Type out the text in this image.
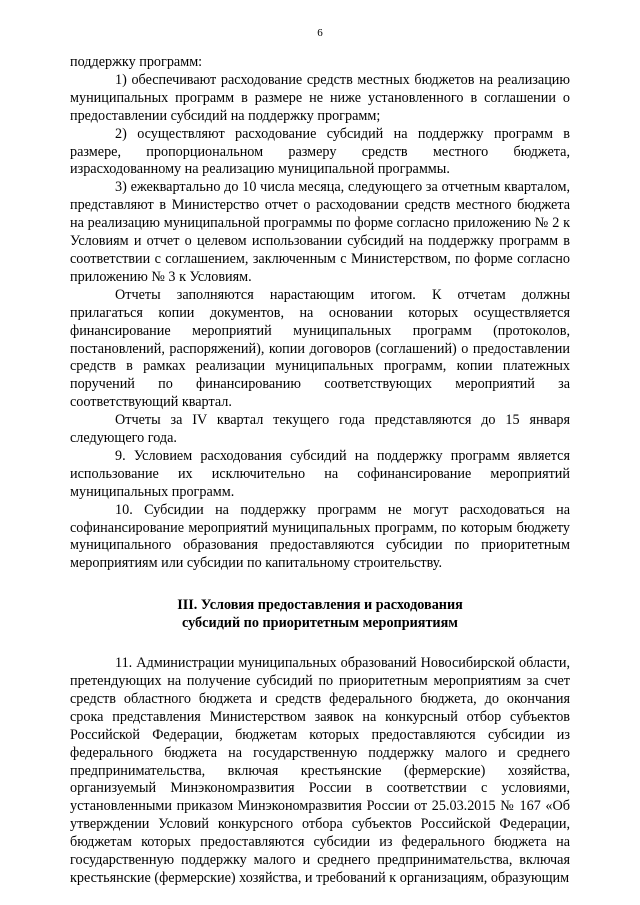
6

поддержку программ:

1) обеспечивают расходование средств местных бюджетов на реализацию муниципальных программ в размере не ниже установленного в соглашении о предоставлении субсидий на поддержку программ;

2) осуществляют расходование субсидий на поддержку программ в размере, пропорциональном размеру средств местного бюджета, израсходованному на реализацию муниципальной программы.

3) ежеквартально до 10 числа месяца, следующего за отчетным кварталом, представляют в Министерство отчет о расходовании средств местного бюджета на реализацию муниципальной программы по форме согласно приложению № 2 к Условиям и отчет о целевом использовании субсидий на поддержку программ в соответствии с соглашением, заключенным с Министерством, по форме согласно приложению № 3 к Условиям.

Отчеты заполняются нарастающим итогом. К отчетам должны прилагаться копии документов, на основании которых осуществляется финансирование мероприятий муниципальных программ (протоколов, постановлений, распоряжений), копии договоров (соглашений) о предоставлении средств в рамках реализации муниципальных программ, копии платежных поручений по финансированию соответствующих мероприятий за соответствующий квартал.

Отчеты за IV квартал текущего года представляются до 15 января следующего года.

9. Условием расходования субсидий на поддержку программ является использование их исключительно на софинансирование мероприятий муниципальных программ.

10. Субсидии на поддержку программ не могут расходоваться на софинансирование мероприятий муниципальных программ, по которым бюджету муниципального образования предоставляются субсидии по приоритетным мероприятиям или субсидии по капитальному строительству.

III. Условия предоставления и расходования
субсидий по приоритетным мероприятиям

11. Администрации муниципальных образований Новосибирской области, претендующих на получение субсидий по приоритетным мероприятиям за счет средств областного бюджета и средств федерального бюджета, до окончания срока представления Министерством заявок на конкурсный отбор субъектов Российской Федерации, бюджетам которых предоставляются субсидии из федерального бюджета на государственную поддержку малого и среднего предпринимательства, включая крестьянские (фермерские) хозяйства, организуемый Минэкономразвития России в соответствии с условиями, установленными приказом Минэкономразвития России от 25.03.2015 № 167 «Об утверждении Условий конкурсного отбора субъектов Российской Федерации, бюджетам которых предоставляются субсидии из федерального бюджета на государственную поддержку малого и среднего предпринимательства, включая крестьянские (фермерские) хозяйства, и требований к организациям, образующим
